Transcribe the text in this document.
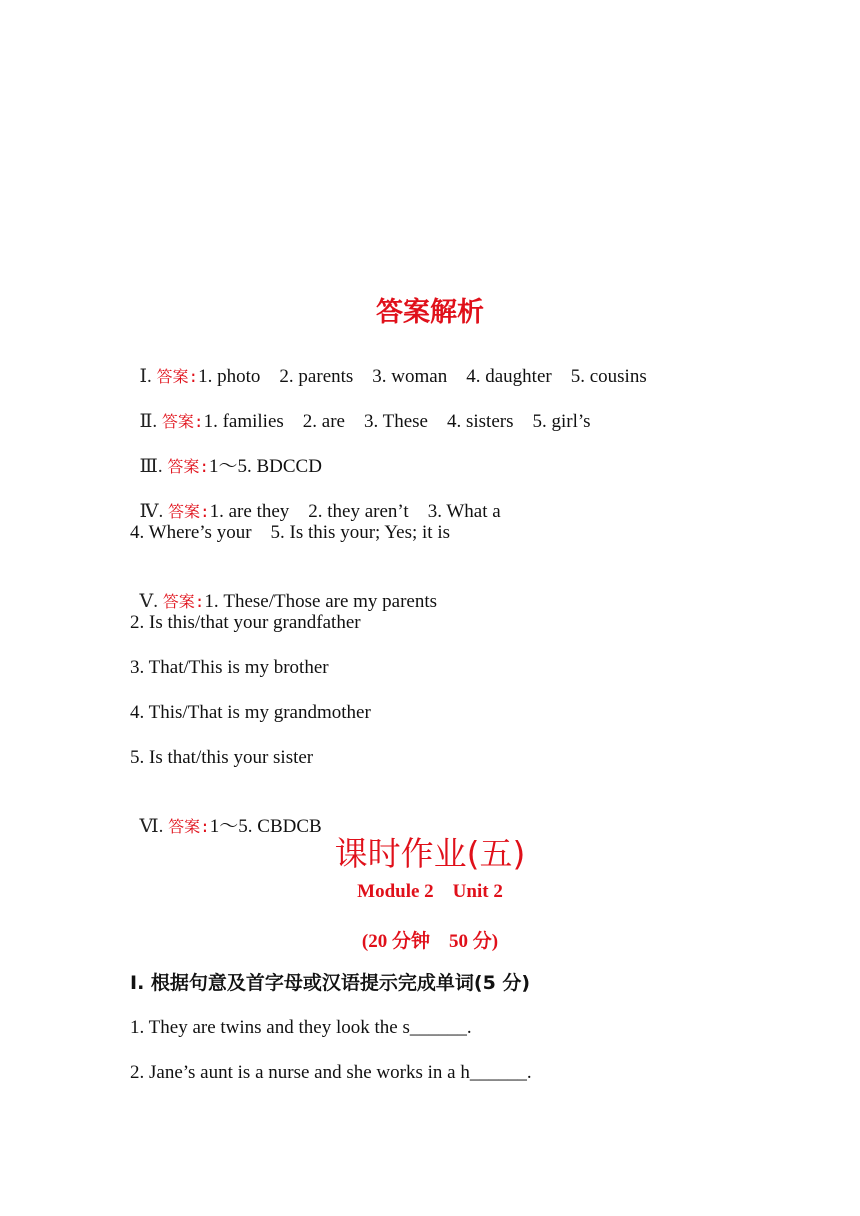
答案解析

Ⅰ. 答案:1. photo    2. parents    3. woman    4. daughter    5. cousins

Ⅱ. 答案:1. families    2. are    3. These    4. sisters    5. girl’s

Ⅲ. 答案:1～5. BDCCD

Ⅳ. 答案:1. are they    2. they aren’t    3. What a

4. Where’s your    5. Is this your; Yes; it is

Ⅴ. 答案:1. These/Those are my parents

2. Is this/that your grandfather
3. That/This is my brother
4. This/That is my grandmother
5. Is that/this your sister

Ⅵ. 答案:1～5. CBDCB

课时作业(五)
Module 2    Unit 2
(20 分钟    50 分)
Ⅰ. 根据句意及首字母或汉语提示完成单词(5 分)
1. They are twins and they look the s______.
2. Jane’s aunt is a nurse and she works in a h______.
